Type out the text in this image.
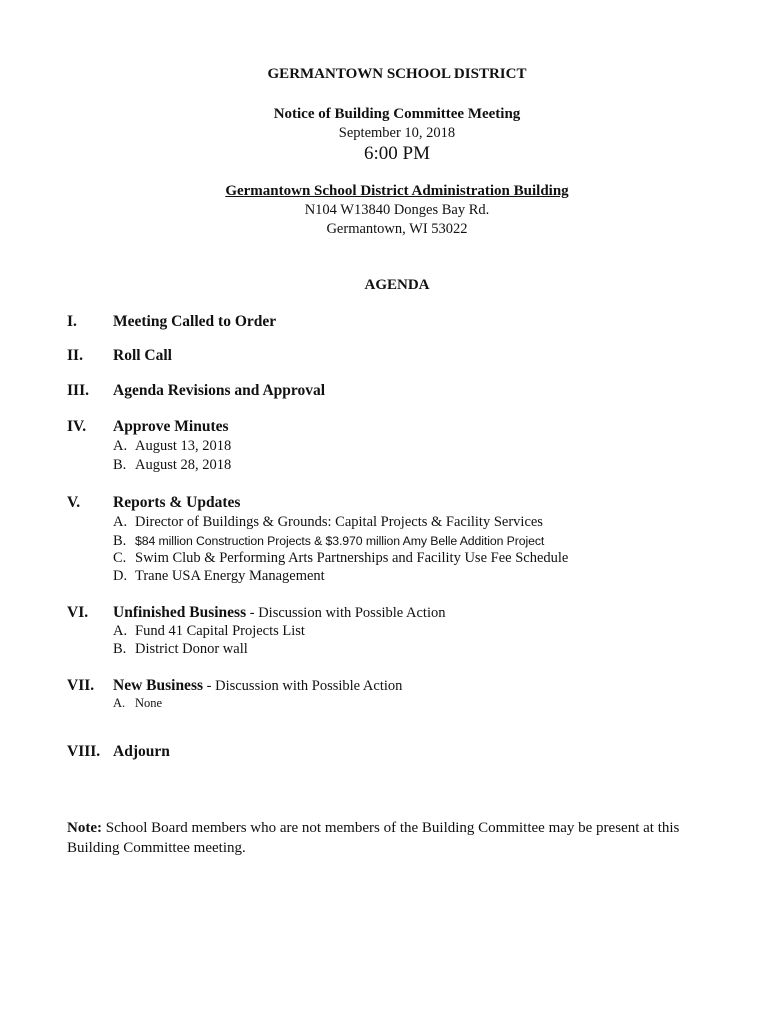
GERMANTOWN SCHOOL DISTRICT
Notice of Building Committee Meeting
September 10, 2018
6:00 PM
Germantown School District Administration Building
N104 W13840 Donges Bay Rd.
Germantown, WI 53022
AGENDA
I. Meeting Called to Order
II. Roll Call
III. Agenda Revisions and Approval
IV. Approve Minutes
A. August 13, 2018
B. August 28, 2018
V. Reports & Updates
A. Director of Buildings & Grounds: Capital Projects & Facility Services
B. $84 million Construction Projects & $3.970 million Amy Belle Addition Project
C. Swim Club & Performing Arts Partnerships and Facility Use Fee Schedule
D. Trane USA Energy Management
VI. Unfinished Business - Discussion with Possible Action
A. Fund 41 Capital Projects List
B. District Donor wall
VII. New Business - Discussion with Possible Action
A. None
VIII. Adjourn
Note: School Board members who are not members of the Building Committee may be present at this Building Committee meeting.
